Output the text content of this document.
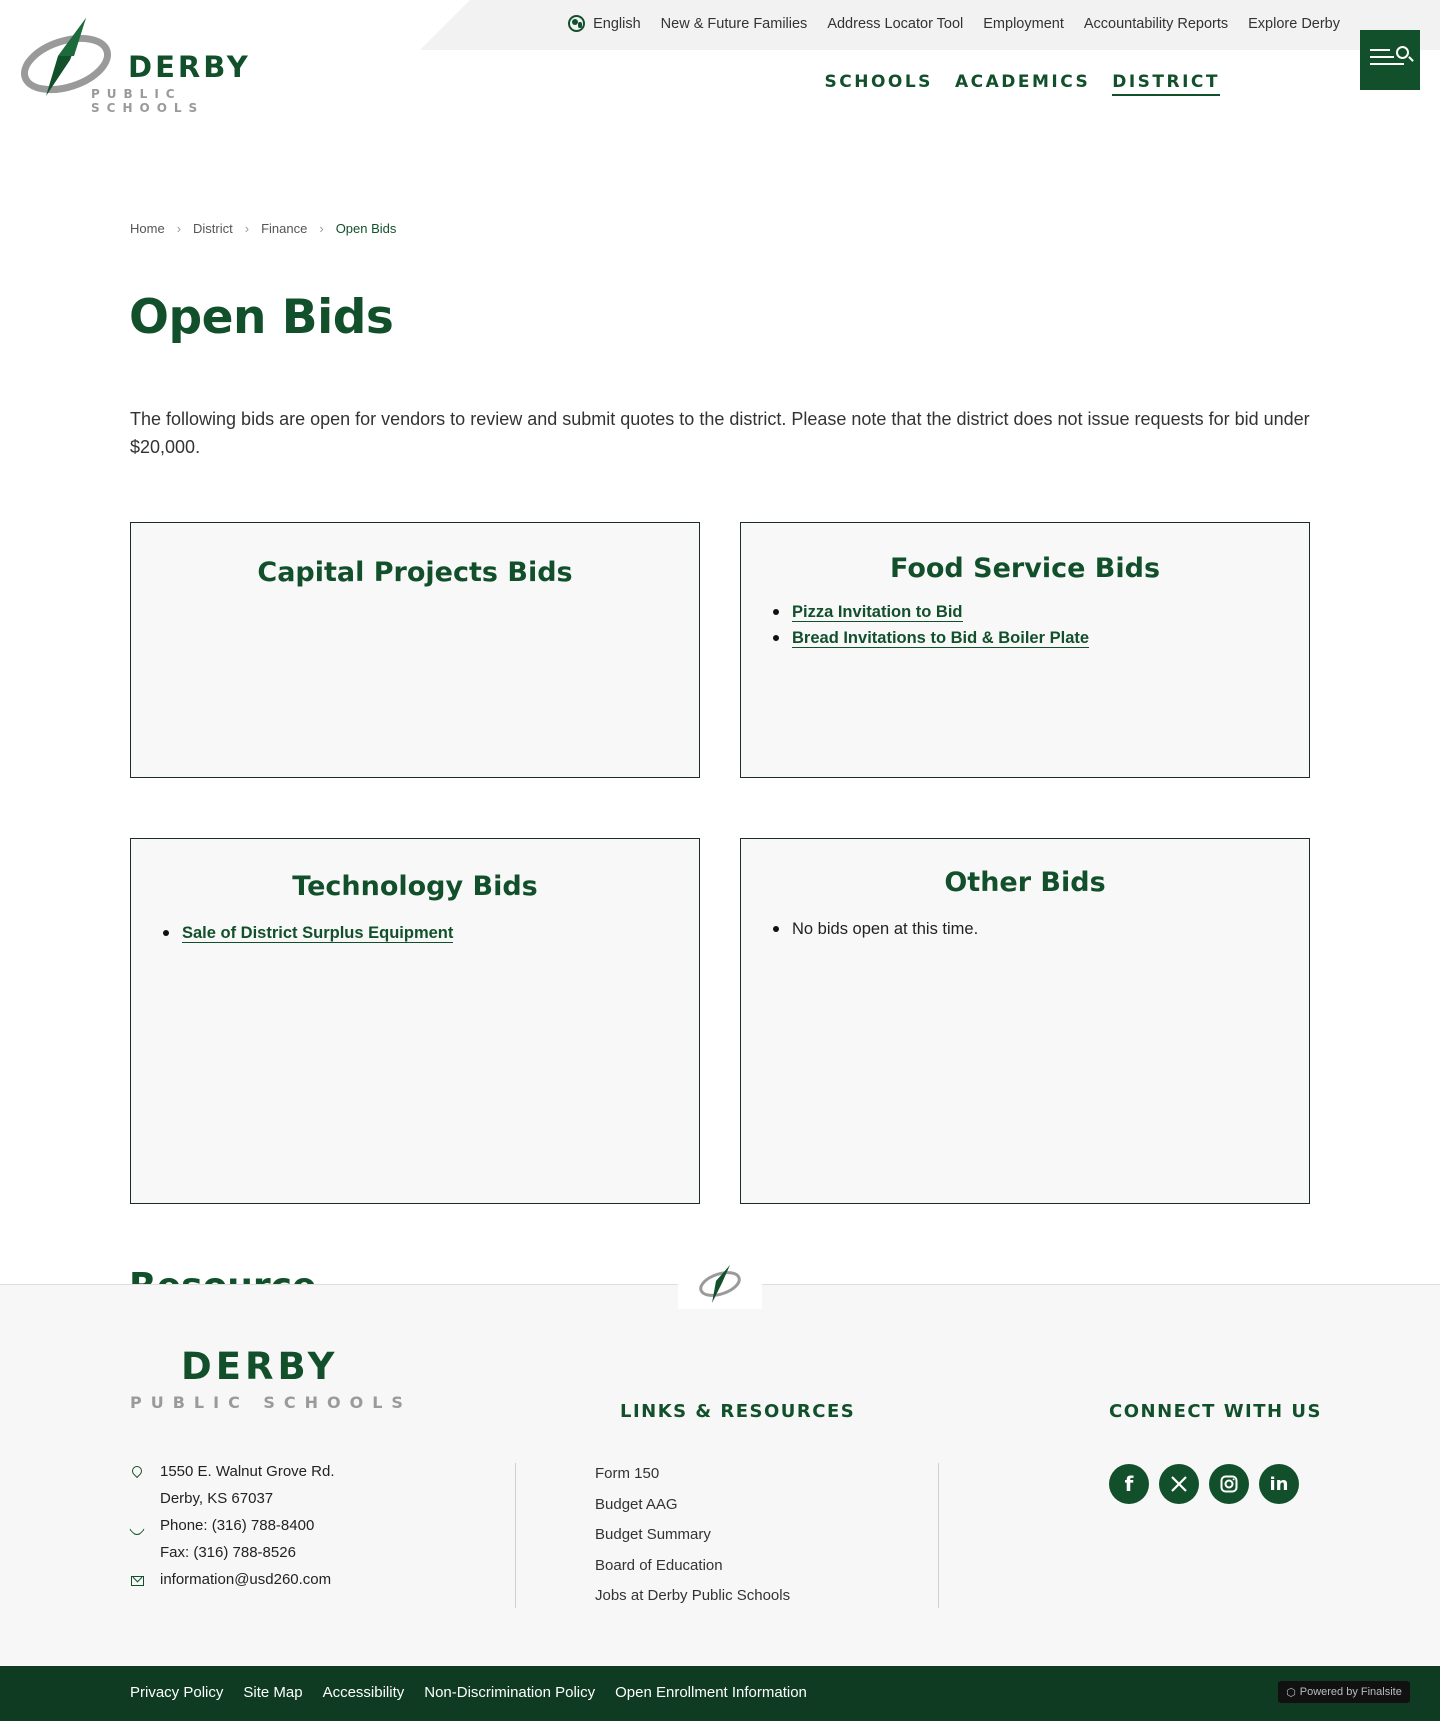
English New & Future Families Address Locator Tool Employment Accountability Reports Explore Derby
DERBY
PUBLIC SCHOOLS
SCHOOLS ACADEMICS DISTRICT
Home › District › Finance › Open Bids
Open Bids

The following bids are open for vendors to review and submit quotes to the district. Please note that the district does not issue requests for bid under $20,000.

Capital Projects Bids	Food Service Bids
Pizza Invitation to Bid
Bread Invitations to Bid & Boiler Plate
Technology Bids
Sale of District Surplus Equipment
Other Bids
No bids open at this time.
DERBY
PUBLIC SCHOOLS
1550 E. Walnut Grove Rd.
Derby, KS 67037
Phone: (316) 788-8400
Fax: (316) 788-8526
information@usd260.com
LINKS & RESOURCES
Form 150
Budget AAG
Budget Summary
Board of Education
Jobs at Derby Public Schools
CONNECT WITH US
f	in
Privacy Policy Site Map Accessibility Non-Discrimination Policy Open Enrollment Information	⬡ Powered by Finalsite
